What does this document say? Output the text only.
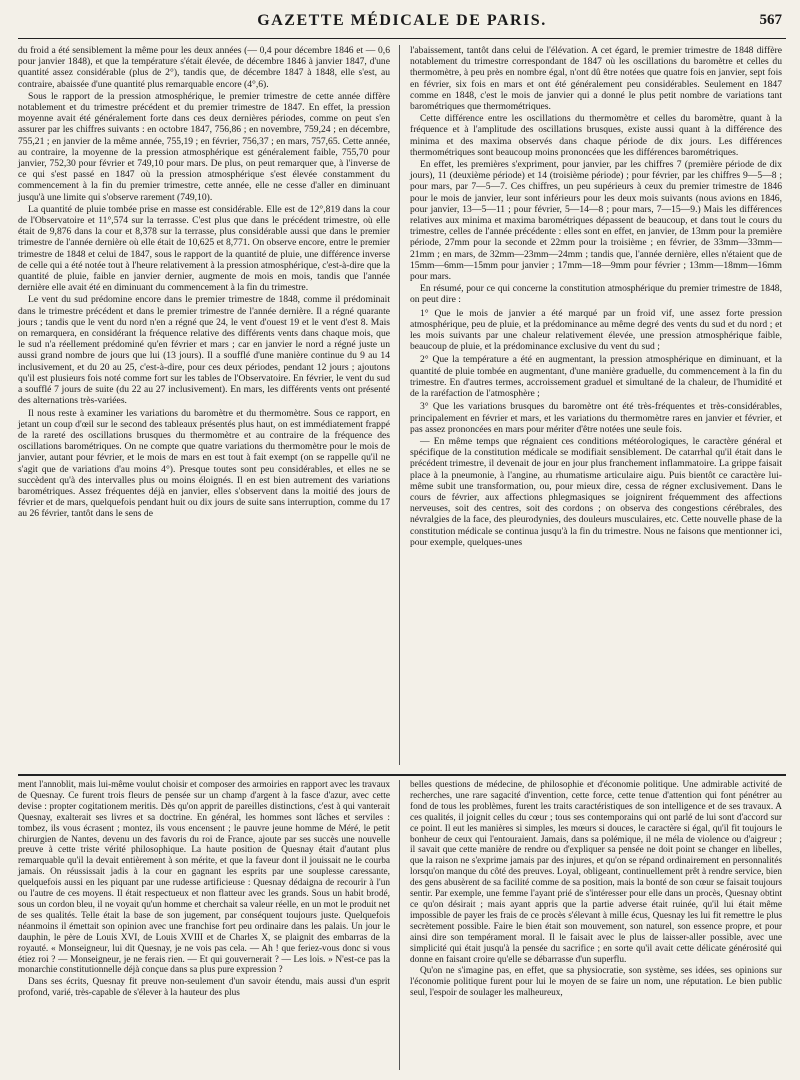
GAZETTE MÉDICALE DE PARIS.	567

du froid a été sensiblement la même pour les deux années (— 0,4 pour décembre 1846 et — 0,6 pour janvier 1848), et que la température s'était élevée, de décembre 1846 à janvier 1847, d'une quantité assez considérable (plus de 2°), tandis que, de décembre 1847 à 1848, elle s'est, au contraire, abaissée d'une quantité plus remarquable encore (4°,6).

Sous le rapport de la pression atmosphérique, le premier trimestre de cette année diffère notablement et du trimestre précédent et du premier trimestre de 1847. En effet, la pression moyenne avait été généralement forte dans ces deux dernières périodes, comme on peut s'en assurer par les chiffres suivants : en octobre 1847, 756,86 ; en novembre, 759,24 ; en décembre, 755,21 ; en janvier de la même année, 755,19 ; en février, 756,37 ; en mars, 757,65. Cette année, au contraire, la moyenne de la pression atmosphérique est généralement faible, 755,70 pour janvier, 752,30 pour février et 749,10 pour mars. De plus, on peut remarquer que, à l'inverse de ce qui s'est passé en 1847 où la pression atmosphérique s'est élevée constamment du commencement à la fin du premier trimestre, cette année, elle ne cesse d'aller en diminuant jusqu'à une limite qui s'observe rarement (749,10).

La quantité de pluie tombée prise en masse est considérable. Elle est de 12°,819 dans la cour de l'Observatoire et 11°,574 sur la terrasse. C'est plus que dans le précédent trimestre, où elle était de 9,876 dans la cour et 8,378 sur la terrasse, plus considérable aussi que dans le premier trimestre de l'année dernière où elle était de 10,625 et 8,771. On observe encore, entre le premier trimestre de 1848 et celui de 1847, sous le rapport de la quantité de pluie, une différence inverse de celle qui a été notée tout à l'heure relativement à la pression atmosphérique, c'est-à-dire que la quantité de pluie, faible en janvier dernier, augmente de mois en mois, tandis que l'année dernière elle avait été en diminuant du commencement à la fin du trimestre.

Le vent du sud prédomine encore dans le premier trimestre de 1848, comme il prédominait dans le trimestre précédent et dans le premier trimestre de l'année dernière. Il a régné quarante jours ; tandis que le vent du nord n'en a régné que 24, le vent d'ouest 19 et le vent d'est 8. Mais on remarquera, en considérant la fréquence relative des différents vents dans chaque mois, que le sud n'a réellement prédominé qu'en février et mars ; car en janvier le nord a régné juste un aussi grand nombre de jours que lui (13 jours). Il a soufflé d'une manière continue du 9 au 14 inclusivement, et du 20 au 25, c'est-à-dire, pour ces deux périodes, pendant 12 jours ; ajoutons qu'il est plusieurs fois noté comme fort sur les tables de l'Observatoire. En février, le vent du sud a soufflé 7 jours de suite (du 22 au 27 inclusivement). En mars, les différents vents ont présenté des alternations très-variées.

Il nous reste à examiner les variations du baromètre et du thermomètre. Sous ce rapport, en jetant un coup d'œil sur le second des tableaux présentés plus haut, on est immédiatement frappé de la rareté des oscillations brusques du thermomètre et au contraire de la fréquence des oscillations barométriques. On ne compte que quatre variations du thermomètre pour le mois de janvier, autant pour février, et le mois de mars en est tout à fait exempt (on se rappelle qu'il ne s'agit que de variations d'au moins 4°). Presque toutes sont peu considérables, et elles ne se succèdent qu'à des intervalles plus ou moins éloignés. Il en est bien autrement des variations barométriques. Assez fréquentes déjà en janvier, elles s'observent dans la moitié des jours de février et de mars, quelquefois pendant huit ou dix jours de suite sans interruption, comme du 17 au 26 février, tantôt dans le sens de

l'abaissement, tantôt dans celui de l'élévation. A cet égard, le premier trimestre de 1848 diffère notablement du trimestre correspondant de 1847 où les oscillations du baromètre et celles du thermomètre, à peu près en nombre égal, n'ont dû être notées que quatre fois en janvier, sept fois en février, six fois en mars et ont été généralement peu considérables. Seulement en 1847 comme en 1848, c'est le mois de janvier qui a donné le plus petit nombre de variations tant barométriques que thermométriques.

Cette différence entre les oscillations du thermomètre et celles du baromètre, quant à la fréquence et à l'amplitude des oscillations brusques, existe aussi quant à la différence des minima et des maxima observés dans chaque période de dix jours. Les différences thermométriques sont beaucoup moins prononcées que les différences barométriques.

En effet, les premières s'expriment, pour janvier, par les chiffres 7 (première période de dix jours), 11 (deuxième période) et 14 (troisième période) ; pour février, par les chiffres 9—5—8 ; pour mars, par 7—5—7. Ces chiffres, un peu supérieurs à ceux du premier trimestre de 1846 pour le mois de janvier, leur sont inférieurs pour les deux mois suivants (nous avions en 1846, pour janvier, 13—5—11 ; pour février, 5—14—8 ; pour mars, 7—15—9.) Mais les différences relatives aux minima et maxima barométriques dépassent de beaucoup, et dans tout le cours du trimestre, celles de l'année précédente : elles sont en effet, en janvier, de 13mm pour la première période, 27mm pour la seconde et 22mm pour la troisième ; en février, de 33mm—33mm—21mm ; en mars, de 32mm—23mm—24mm ; tandis que, l'année dernière, elles n'étaient que de 15mm—6mm—15mm pour janvier ; 17mm—18—9mm pour février ; 13mm—18mm—16mm pour mars.

En résumé, pour ce qui concerne la constitution atmosphérique du premier trimestre de 1848, on peut dire :

1° Que le mois de janvier a été marqué par un froid vif, une assez forte pression atmosphérique, peu de pluie, et la prédominance au même degré des vents du sud et du nord ; et les mois suivants par une chaleur relativement élevée, une pression atmosphérique faible, beaucoup de pluie, et la prédominance exclusive du vent du sud ;

2° Que la température a été en augmentant, la pression atmosphérique en diminuant, et la quantité de pluie tombée en augmentant, d'une manière graduelle, du commencement à la fin du trimestre. En d'autres termes, accroissement graduel et simultané de la chaleur, de l'humidité et de la raréfaction de l'atmosphère ;

3° Que les variations brusques du baromètre ont été très-fréquentes et très-considérables, principalement en février et mars, et les variations du thermomètre rares en janvier et février, et pas assez prononcées en mars pour mériter d'être notées une seule fois.

— En même temps que régnaient ces conditions météorologiques, le caractère général et spécifique de la constitution médicale se modifiait sensiblement. De catarrhal qu'il était dans le précédent trimestre, il devenait de jour en jour plus franchement inflammatoire. La grippe faisait place à la pneumonie, à l'angine, au rhumatisme articulaire aigu. Puis bientôt ce caractère lui-même subit une transformation, ou, pour mieux dire, cessa de régner exclusivement. Dans le cours de février, aux affections phlegmasiques se joignirent fréquemment des affections nerveuses, soit des centres, soit des cordons ; on observa des congestions cérébrales, des névralgies de la face, des pleurodynies, des douleurs musculaires, etc. Cette nouvelle phase de la constitution médicale se continua jusqu'à la fin du trimestre. Nous ne faisons que mentionner ici, pour exemple, quelques-unes

ment l'annoblit, mais lui-même voulut choisir et composer des armoiries en rapport avec les travaux de Quesnay. Ce furent trois fleurs de pensée sur un champ d'argent à la fasce d'azur, avec cette devise : propter cogitationem meritis. Dès qu'on apprit de pareilles distinctions, c'est à qui vanterait Quesnay, exalterait ses livres et sa doctrine. En général, les hommes sont lâches et serviles : tombez, ils vous écrasent ; montez, ils vous encensent ; le pauvre jeune homme de Méré, le petit chirurgien de Nantes, devenu un des favoris du roi de France, ajoute par ses succès une nouvelle preuve à cette triste vérité philosophique. La haute position de Quesnay était d'autant plus remarquable qu'il la devait entièrement à son mérite, et que la faveur dont il jouissait ne le courba jamais. On réussissait jadis à la cour en gagnant les esprits par une souplesse caressante, quelquefois aussi en les piquant par une rudesse artificieuse : Quesnay dédaigna de recourir à l'un ou l'autre de ces moyens. Il était respectueux et non flatteur avec les grands. Sous un habit brodé, sous un cordon bleu, il ne voyait qu'un homme et cherchait sa valeur réelle, en un mot le produit net de ses qualités. Telle était la base de son jugement, par conséquent toujours juste. Quelquefois néanmoins il émettait son opinion avec une franchise fort peu ordinaire dans les palais. Un jour le dauphin, le père de Louis XVI, de Louis XVIII et de Charles X, se plaignit des embarras de la royauté. « Monseigneur, lui dit Quesnay, je ne vois pas cela. — Ah ! que feriez-vous donc si vous étiez roi ? — Monseigneur, je ne ferais rien. — Et qui gouvernerait ? — Les lois. » N'est-ce pas la monarchie constitutionnelle déjà conçue dans sa plus pure expression ?

Dans ses écrits, Quesnay fit preuve non-seulement d'un savoir étendu, mais aussi d'un esprit profond, varié, très-capable de s'élever à la hauteur des plus

belles questions de médecine, de philosophie et d'économie politique. Une admirable activité de recherches, une rare sagacité d'invention, cette force, cette tenue d'attention qui font pénétrer au fond de tous les problèmes, furent les traits caractéristiques de son intelligence et de ses travaux. A ces qualités, il joignit celles du cœur ; tous ses contemporains qui ont parlé de lui sont d'accord sur ce point. Il eut les manières si simples, les mœurs si douces, le caractère si égal, qu'il fit toujours le bonheur de ceux qui l'entouraient. Jamais, dans sa polémique, il ne méla de violence ou d'aigreur ; il savait que cette manière de rendre ou d'expliquer sa pensée ne doit point se changer en libelles, que la raison ne s'exprime jamais par des injures, et qu'on se répand ordinairement en personnalités lorsqu'on manque du côté des preuves. Loyal, obligeant, continuellement prêt à rendre service, bien des gens abusèrent de sa facilité comme de sa position, mais la bonté de son cœur se faisait toujours sentir. Par exemple, une femme l'ayant prié de s'intéresser pour elle dans un procès, Quesnay obtint ce qu'on désirait ; mais ayant appris que la partie adverse était ruinée, qu'il lui était même impossible de payer les frais de ce procès s'élevant à mille écus, Quesnay les lui fit remettre le plus secrètement possible. Faire le bien était son mouvement, son naturel, son essence propre, et pour ainsi dire son tempérament moral. Il le faisait avec le plus de laisser-aller possible, avec une simplicité qui était jusqu'à la pensée du sacrifice ; en sorte qu'il avait cette délicate générosité qui donne en faisant croire qu'elle se débarrasse d'un superflu.

Qu'on ne s'imagine pas, en effet, que sa physiocratie, son système, ses idées, ses opinions sur l'économie politique furent pour lui le moyen de se faire un nom, une réputation. Le bien public seul, l'espoir de soulager les malheureux,
